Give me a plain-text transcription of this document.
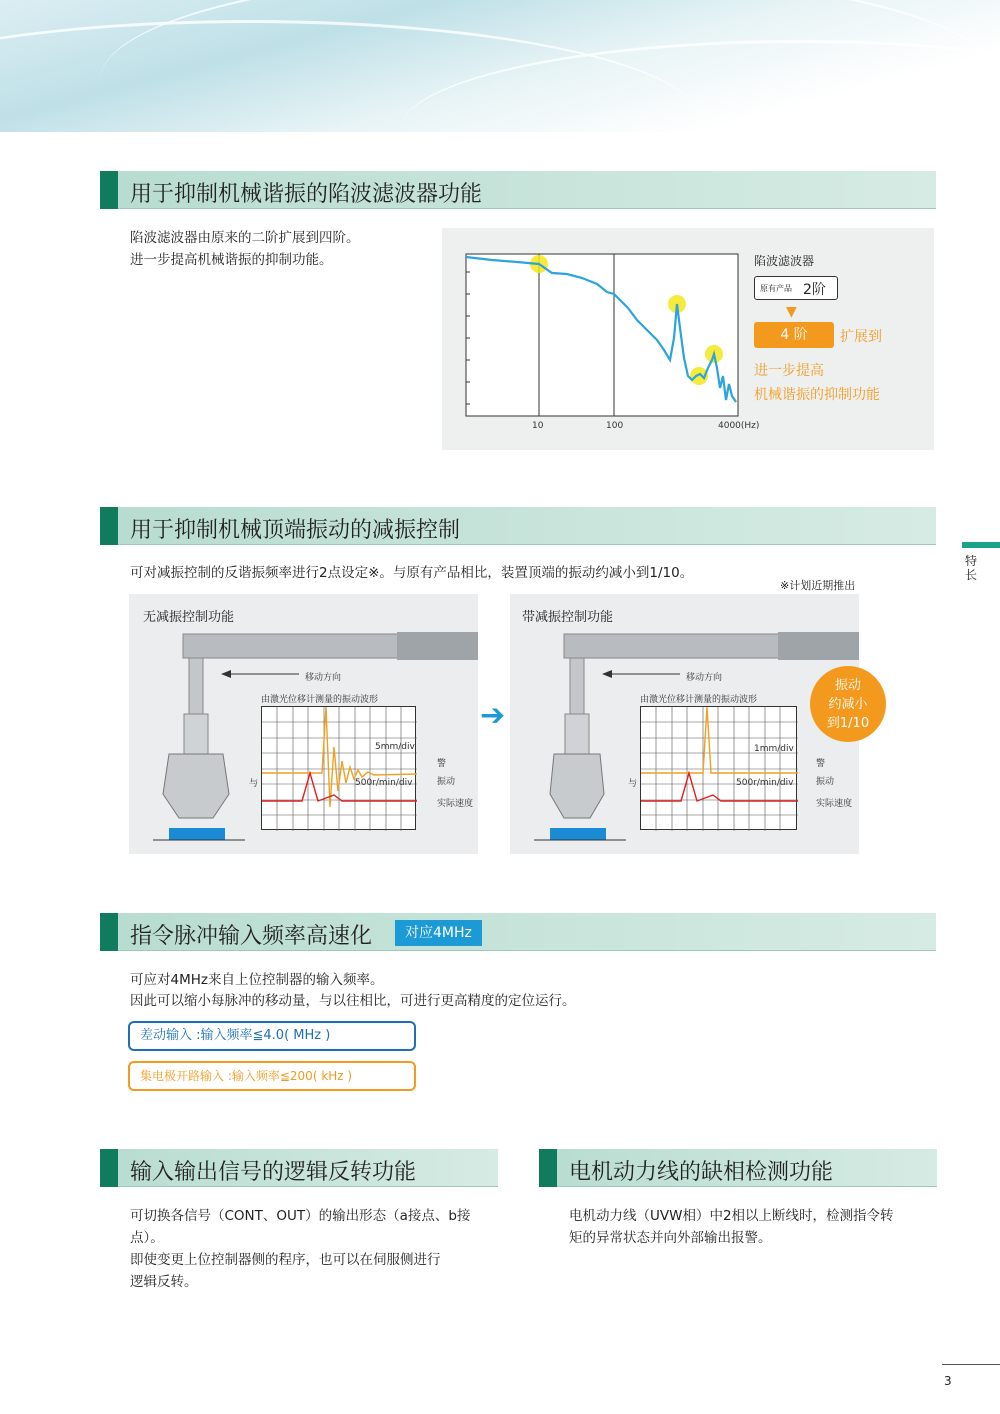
特长
用于抑制机械谐振的陷波滤波器功能
陷波滤波器由原来的二阶扩展到四阶。
进一步提高机械谐振的抑制功能。
10	100	4000(Hz)
陷波滤波器
原有产品 2阶
▼
4 阶	扩展到
进一步提高
机械谐振的抑制功能
用于抑制机械顶端振动的减振控制
可对减振控制的反谐振频率进行2点设定※。与原有产品相比，装置顶端的振动约减小到1/10。
※计划近期推出
无减振控制功能
移动方向
由激光位移计测量的振动波形
5mm/div
500r/min/div
警
振动
实际速度
与
➔
带减振控制功能
移动方向
由激光位移计测量的振动波形
1mm/div
500r/min/div
警
振动
实际速度
与
振动
约减小
到1/10
指令脉冲输入频率高速化	对应4MHz
可应对4MHz来自上位控制器的输入频率。
因此可以缩小每脉冲的移动量，与以往相比，可进行更高精度的定位运行。
差动输入 :输入频率≦4.0( MHz )
集电极开路输入 :输入频率≦200( kHz )
输入输出信号的逻辑反转功能
可切换各信号（CONT、OUT）的输出形态（a接点、b接
点）。
即使变更上位控制器侧的程序，也可以在伺服侧进行
逻辑反转。
电机动力线的缺相检测功能
电机动力线（UVW相）中2相以上断线时，检测指令转
矩的异常状态并向外部输出报警。
3
